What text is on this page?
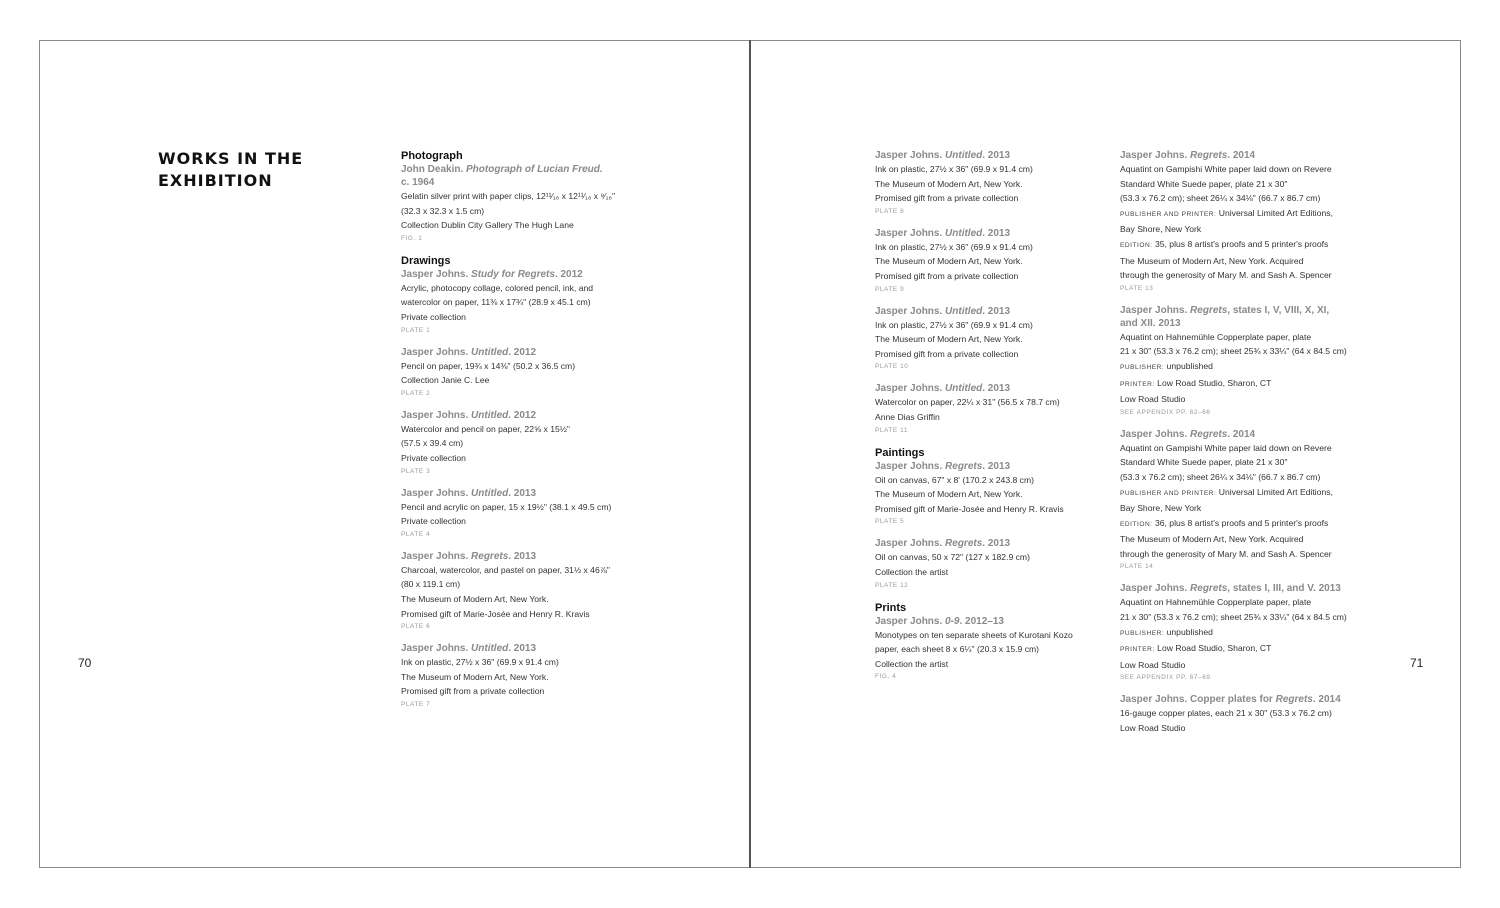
WORKS IN THE
EXHIBITION
70	71
Photograph
John Deakin. Photograph of Lucian Freud.
c. 1964
Gelatin silver print with paper clips, 12¹¹⁄₁₆ x 12¹¹⁄₁₆ x ⁹⁄₁₆"
(32.3 x 32.3 x 1.5 cm)
Collection Dublin City Gallery The Hugh Lane
FIG. 1
Drawings
Jasper Johns. Study for Regrets. 2012
Acrylic, photocopy collage, colored pencil, ink, and
watercolor on paper, 11⅜ x 17¾" (28.9 x 45.1 cm)
Private collection
PLATE 1
Jasper Johns. Untitled. 2012
Pencil on paper, 19¾ x 14⅜" (50.2 x 36.5 cm)
Collection Janie C. Lee
PLATE 2
Jasper Johns. Untitled. 2012
Watercolor and pencil on paper, 22⅝ x 15½"
(57.5 x 39.4 cm)
Private collection
PLATE 3
Jasper Johns. Untitled. 2013
Pencil and acrylic on paper, 15 x 19½" (38.1 x 49.5 cm)
Private collection
PLATE 4
Jasper Johns. Regrets. 2013
Charcoal, watercolor, and pastel on paper, 31½ x 46⅞"
(80 x 119.1 cm)
The Museum of Modern Art, New York.
Promised gift of Marie-Josée and Henry R. Kravis
PLATE 6
Jasper Johns. Untitled. 2013
Ink on plastic, 27½ x 36" (69.9 x 91.4 cm)
The Museum of Modern Art, New York.
Promised gift from a private collection
PLATE 7
Jasper Johns. Untitled. 2013
Ink on plastic, 27½ x 36" (69.9 x 91.4 cm)
The Museum of Modern Art, New York.
Promised gift from a private collection
PLATE 8
Jasper Johns. Untitled. 2013
Ink on plastic, 27½ x 36" (69.9 x 91.4 cm)
The Museum of Modern Art, New York.
Promised gift from a private collection
PLATE 9
Jasper Johns. Untitled. 2013
Ink on plastic, 27½ x 36" (69.9 x 91.4 cm)
The Museum of Modern Art, New York.
Promised gift from a private collection
PLATE 10
Jasper Johns. Untitled. 2013
Watercolor on paper, 22¼ x 31" (56.5 x 78.7 cm)
Anne Dias Griffin
PLATE 11
Paintings
Jasper Johns. Regrets. 2013
Oil on canvas, 67" x 8' (170.2 x 243.8 cm)
The Museum of Modern Art, New York.
Promised gift of Marie-Josée and Henry R. Kravis
PLATE 5
Jasper Johns. Regrets. 2013
Oil on canvas, 50 x 72" (127 x 182.9 cm)
Collection the artist
PLATE 12
Prints
Jasper Johns. 0-9. 2012–13
Monotypes on ten separate sheets of Kurotani Kozo
paper, each sheet 8 x 6¼" (20.3 x 15.9 cm)
Collection the artist
FIG. 4
Jasper Johns. Regrets. 2014
Aquatint on Gampishi White paper laid down on Revere
Standard White Suede paper, plate 21 x 30"
(53.3 x 76.2 cm); sheet 26¼ x 34⅛" (66.7 x 86.7 cm)
PUBLISHER AND PRINTER: Universal Limited Art Editions,
Bay Shore, New York
EDITION: 35, plus 8 artist's proofs and 5 printer's proofs
The Museum of Modern Art, New York. Acquired
through the generosity of Mary M. and Sash A. Spencer
PLATE 13
Jasper Johns. Regrets, states I, V, VIII, X, XI,
and XII. 2013
Aquatint on Hahnemühle Copperplate paper, plate
21 x 30" (53.3 x 76.2 cm); sheet 25¾ x 33¼" (64 x 84.5 cm)
PUBLISHER: unpublished
PRINTER: Low Road Studio, Sharon, CT
Low Road Studio
SEE APPENDIX PP. 62–66
Jasper Johns. Regrets. 2014
Aquatint on Gampishi White paper laid down on Revere
Standard White Suede paper, plate 21 x 30"
(53.3 x 76.2 cm); sheet 26¼ x 34⅛" (66.7 x 86.7 cm)
PUBLISHER AND PRINTER: Universal Limited Art Editions,
Bay Shore, New York
EDITION: 36, plus 8 artist's proofs and 5 printer's proofs
The Museum of Modern Art, New York. Acquired
through the generosity of Mary M. and Sash A. Spencer
PLATE 14
Jasper Johns. Regrets, states I, III, and V. 2013
Aquatint on Hahnemühle Copperplate paper, plate
21 x 30" (53.3 x 76.2 cm); sheet 25¾ x 33¼" (64 x 84.5 cm)
PUBLISHER: unpublished
PRINTER: Low Road Studio, Sharon, CT
Low Road Studio
SEE APPENDIX PP. 67–69
Jasper Johns. Copper plates for Regrets. 2014
16-gauge copper plates, each 21 x 30" (53.3 x 76.2 cm)
Low Road Studio
